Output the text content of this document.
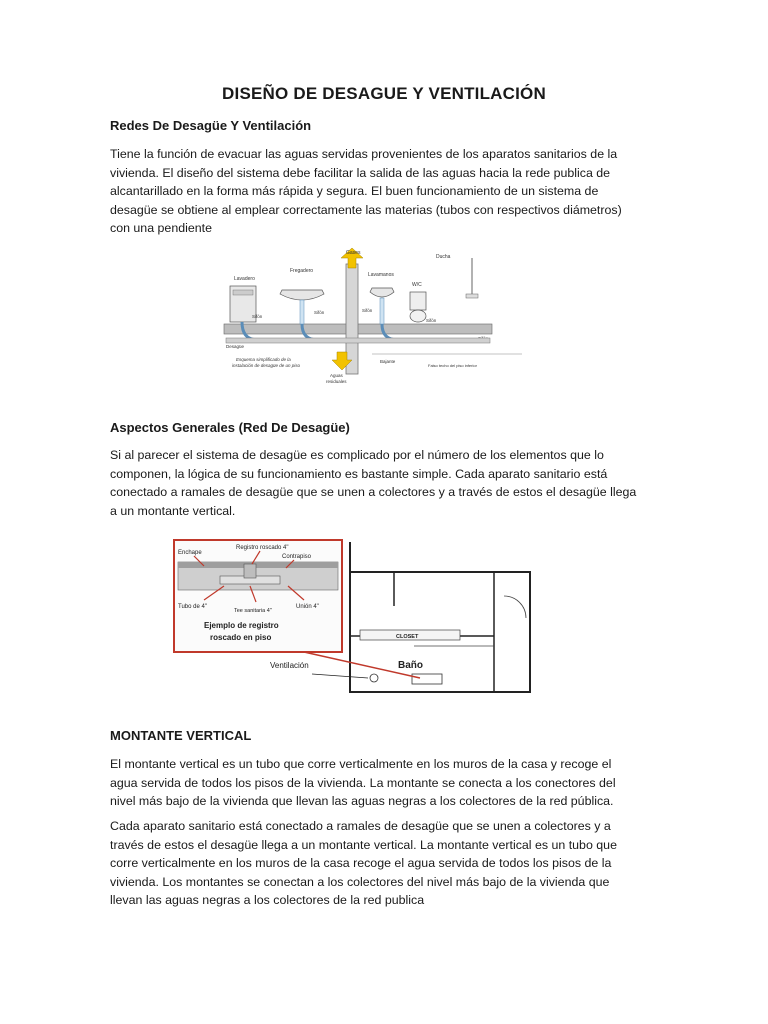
DISEÑO DE DESAGUE Y VENTILACIÓN
Redes De Desagüe Y Ventilación

Tiene la función de evacuar las aguas servidas provenientes de los aparatos sanitarios de la vivienda. El diseño del sistema debe facilitar la salida de las aguas hacia la rede publica de alcantarillado en la forma más rápida y segura. El buen funcionamiento de un sistema de desagüe se obtiene al emplear correctamente las materias (tubos con respectivos diámetros) con una pendiente

Gases
Aguas
residuales
Lavadero
Fregadero
Lavamanos
W/C
Ducha
Sifón
Sifón	Sifón
Sifón
Desagüe
Esquema simplificado de la
instalación de desagüe de un piso
Bajante
Falso techo del piso inferior
Aspectos Generales (Red De Desagüe)

Si al parecer el sistema de desagüe es complicado por el número de los elementos que lo componen, la lógica de su funcionamiento es bastante simple. Cada aparato sanitario está conectado a ramales de desagüe que se unen a colectores y a través de estos el desagüe llega a un montante vertical.

Enchape
Registro roscado 4"
Contrapiso
Tubo de 4"
Tee sanitaria 4"
Unión 4"
Ejemplo de registro
roscado en piso	CLOSET
Baño
Ventilación
MONTANTE VERTICAL

El montante vertical es un tubo que corre verticalmente en los muros de la casa y recoge el agua servida de todos los pisos de la vivienda. La montante se conecta a los conectores del nivel más bajo de la vivienda que llevan las aguas negras a los colectores de la red pública.

Cada aparato sanitario está conectado a ramales de desagüe que se unen a colectores y a través de estos el desagüe llega a un montante vertical. La montante vertical es un tubo que corre verticalmente en los muros de la casa recoge el agua servida de todos los pisos de la vivienda. Los montantes se conectan a los colectores del nivel más bajo de la vivienda que llevan las aguas negras a los colectores de la red publica
